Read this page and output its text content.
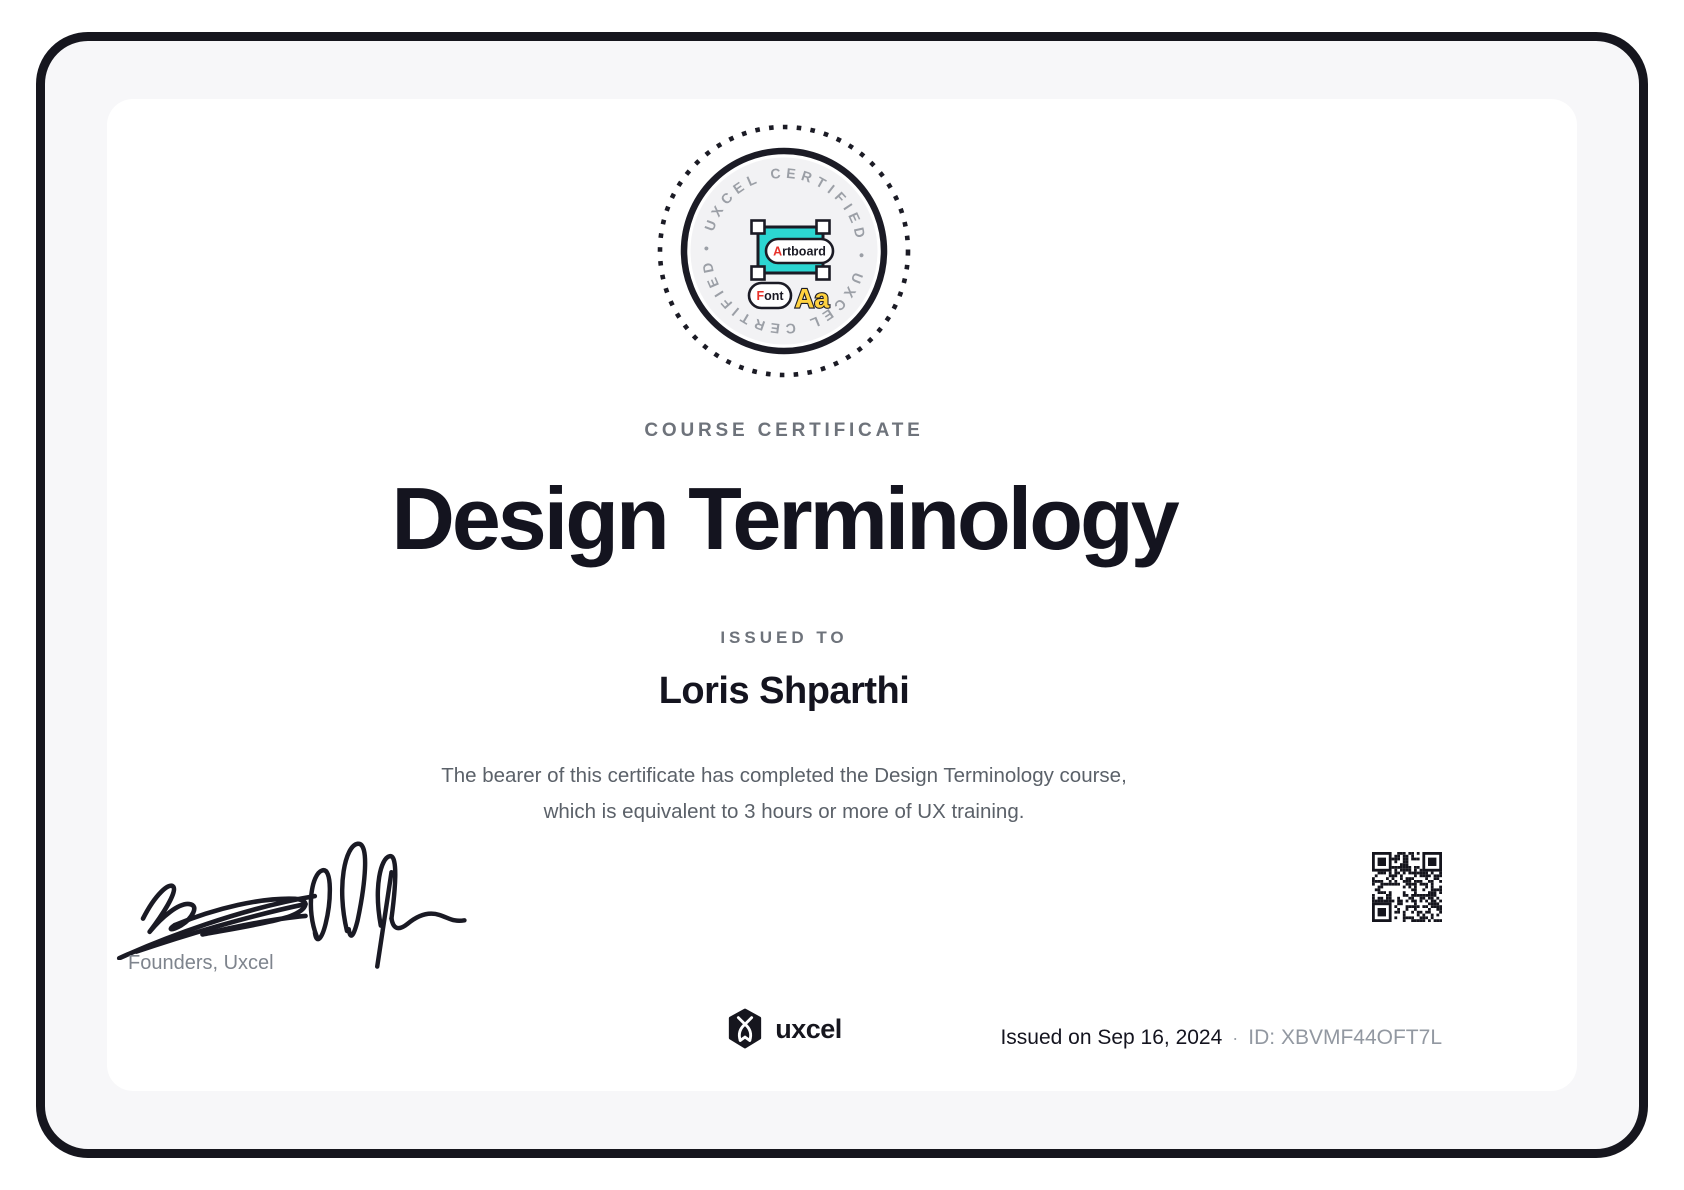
• UXCEL CERTIFIED • UXCEL CERTIFIED
Artboard
Font Aa
COURSE CERTIFICATE
Design Terminology
ISSUED TO
Loris Shparthi
The bearer of this certificate has completed the Design Terminology course,
which is equivalent to 3 hours or more of UX training.
Founders, Uxcel
uxcel	Issued on Sep 16, 2024 · ID: XBVMF44OFT7L
